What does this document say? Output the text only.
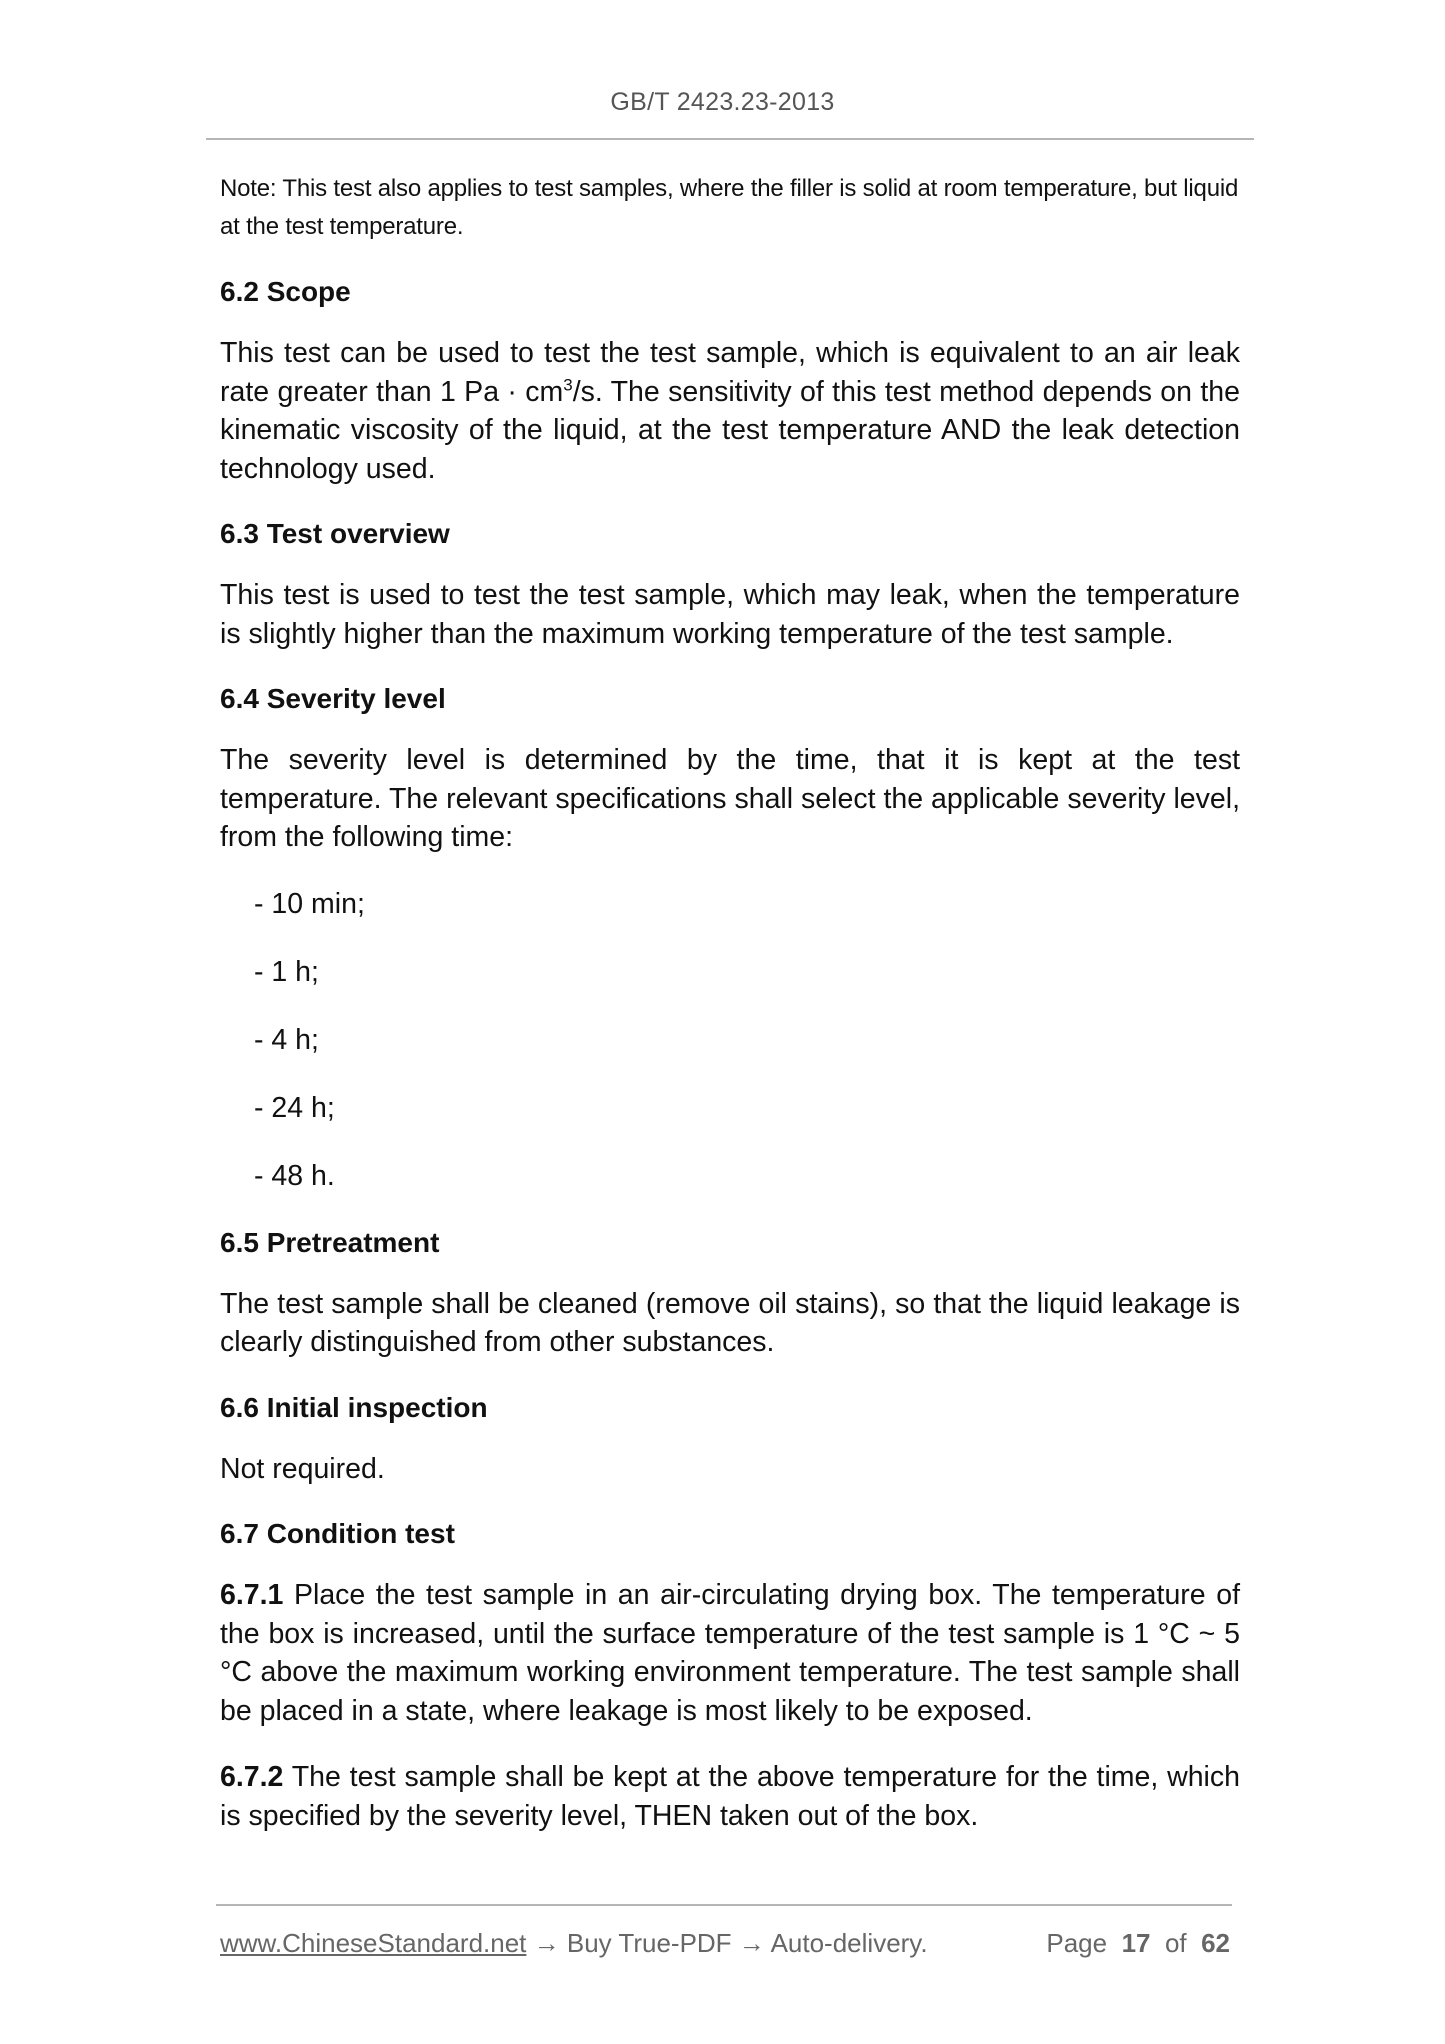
GB/T 2423.23-2013
Note: This test also applies to test samples, where the filler is solid at room temperature, but liquid at the test temperature.
6.2 Scope

This test can be used to test the test sample, which is equivalent to an air leak rate greater than 1 $Pa \cdot cm^3/s$. The sensitivity of this test method depends on the kinematic viscosity of the liquid, at the test temperature AND the leak detection technology used.

6.3 Test overview

This test is used to test the test sample, which may leak, when the temperature is slightly higher than the maximum working temperature of the test sample.

6.4 Severity level

The severity level is determined by the time, that it is kept at the test temperature. The relevant specifications shall select the applicable severity level, from the following time:

- 10 min;
- 1 h;
- 4 h;
- 24 h;
- 48 h.
6.5 Pretreatment

The test sample shall be cleaned (remove oil stains), so that the liquid leakage is clearly distinguished from other substances.

6.6 Initial inspection

Not required.

6.7 Condition test

6.7.1 Place the test sample in an air-circulating drying box. The temperature of the box is increased, until the surface temperature of the test sample is 1 °C ~ 5 °C above the maximum working environment temperature. The test sample shall be placed in a state, where leakage is most likely to be exposed.

6.7.2 The test sample shall be kept at the above temperature for the time, which is specified by the severity level, THEN taken out of the box.

www.ChineseStandard.net → Buy True-PDF → Auto-delivery.	Page 17 of 62
